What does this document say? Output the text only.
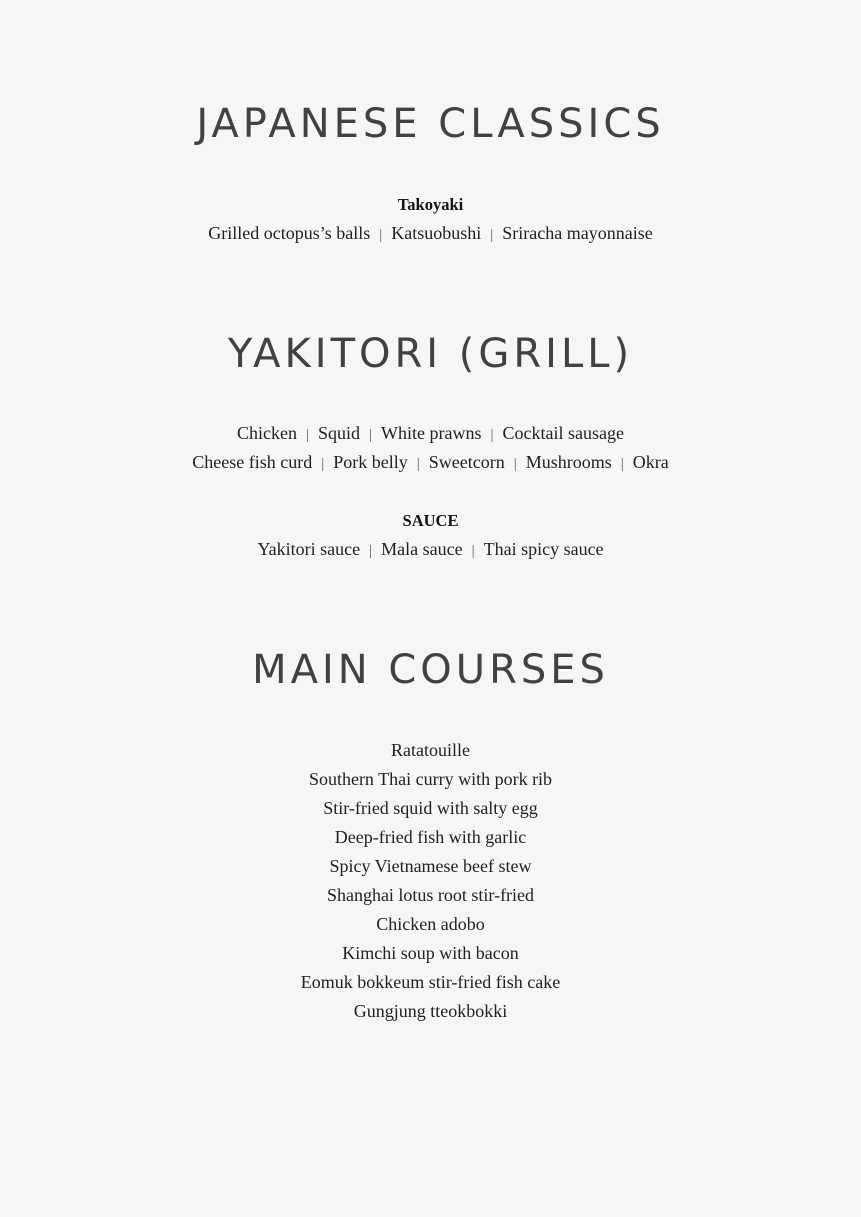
JAPANESE CLASSICS
Takoyaki
Grilled octopus’s balls | Katsuobushi | Sriracha mayonnaise
YAKITORI (GRILL)
Chicken | Squid | White prawns | Cocktail sausage
Cheese fish curd | Pork belly | Sweetcorn | Mushrooms | Okra
SAUCE
Yakitori sauce | Mala sauce | Thai spicy sauce
MAIN COURSES
Ratatouille
Southern Thai curry with pork rib
Stir-fried squid with salty egg
Deep-fried fish with garlic
Spicy Vietnamese beef stew
Shanghai lotus root stir-fried
Chicken adobo
Kimchi soup with bacon
Eomuk bokkeum stir-fried fish cake
Gungjung tteokbokki
